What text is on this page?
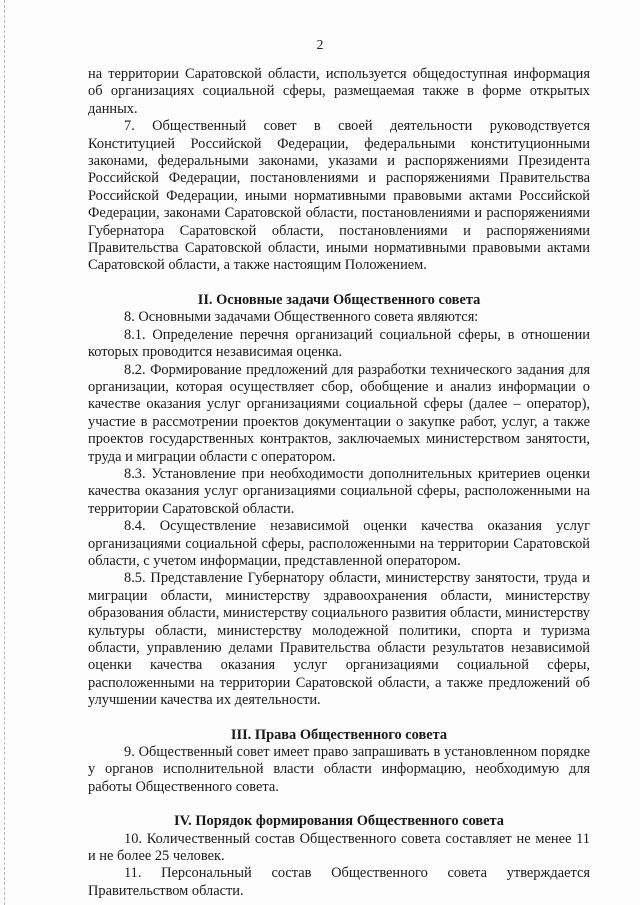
2

на территории Саратовской области, используется общедоступная информация об организациях социальной сферы, размещаемая также в форме открытых данных.

7. Общественный совет в своей деятельности руководствуется Конституцией Российской Федерации, федеральными конституционными законами, федеральными законами, указами и распоряжениями Президента Российской Федерации, постановлениями и распоряжениями Правительства Российской Федерации, иными нормативными правовыми актами Российской Федерации, законами Саратовской области, постановлениями и распоряжениями Губернатора Саратовской области, постановлениями и распоряжениями Правительства Саратовской области, иными нормативными правовыми актами Саратовской области, а также настоящим Положением.

II. Основные задачи Общественного совета

8. Основными задачами Общественного совета являются:

8.1. Определение перечня организаций социальной сферы, в отношении которых проводится независимая оценка.

8.2. Формирование предложений для разработки технического задания для организации, которая осуществляет сбор, обобщение и анализ информации о качестве оказания услуг организациями социальной сферы (далее – оператор), участие в рассмотрении проектов документации о закупке работ, услуг, а также проектов государственных контрактов, заключаемых министерством занятости, труда и миграции области с оператором.

8.3. Установление при необходимости дополнительных критериев оценки качества оказания услуг организациями социальной сферы, расположенными на территории Саратовской области.

8.4. Осуществление независимой оценки качества оказания услуг организациями социальной сферы, расположенными на территории Саратовской области, с учетом информации, представленной оператором.

8.5. Представление Губернатору области, министерству занятости, труда и миграции области, министерству здравоохранения области, министерству образования области, министерству социального развития области, министерству культуры области, министерству молодежной политики, спорта и туризма области, управлению делами Правительства области результатов независимой оценки качества оказания услуг организациями социальной сферы, расположенными на территории Саратовской области, а также предложений об улучшении качества их деятельности.

III. Права Общественного совета

9. Общественный совет имеет право запрашивать в установленном порядке у органов исполнительной власти области информацию, необходимую для работы Общественного совета.

IV. Порядок формирования Общественного совета

10. Количественный состав Общественного совета составляет не менее 11 и не более 25 человек.

11. Персональный состав Общественного совета утверждается Правительством области.
